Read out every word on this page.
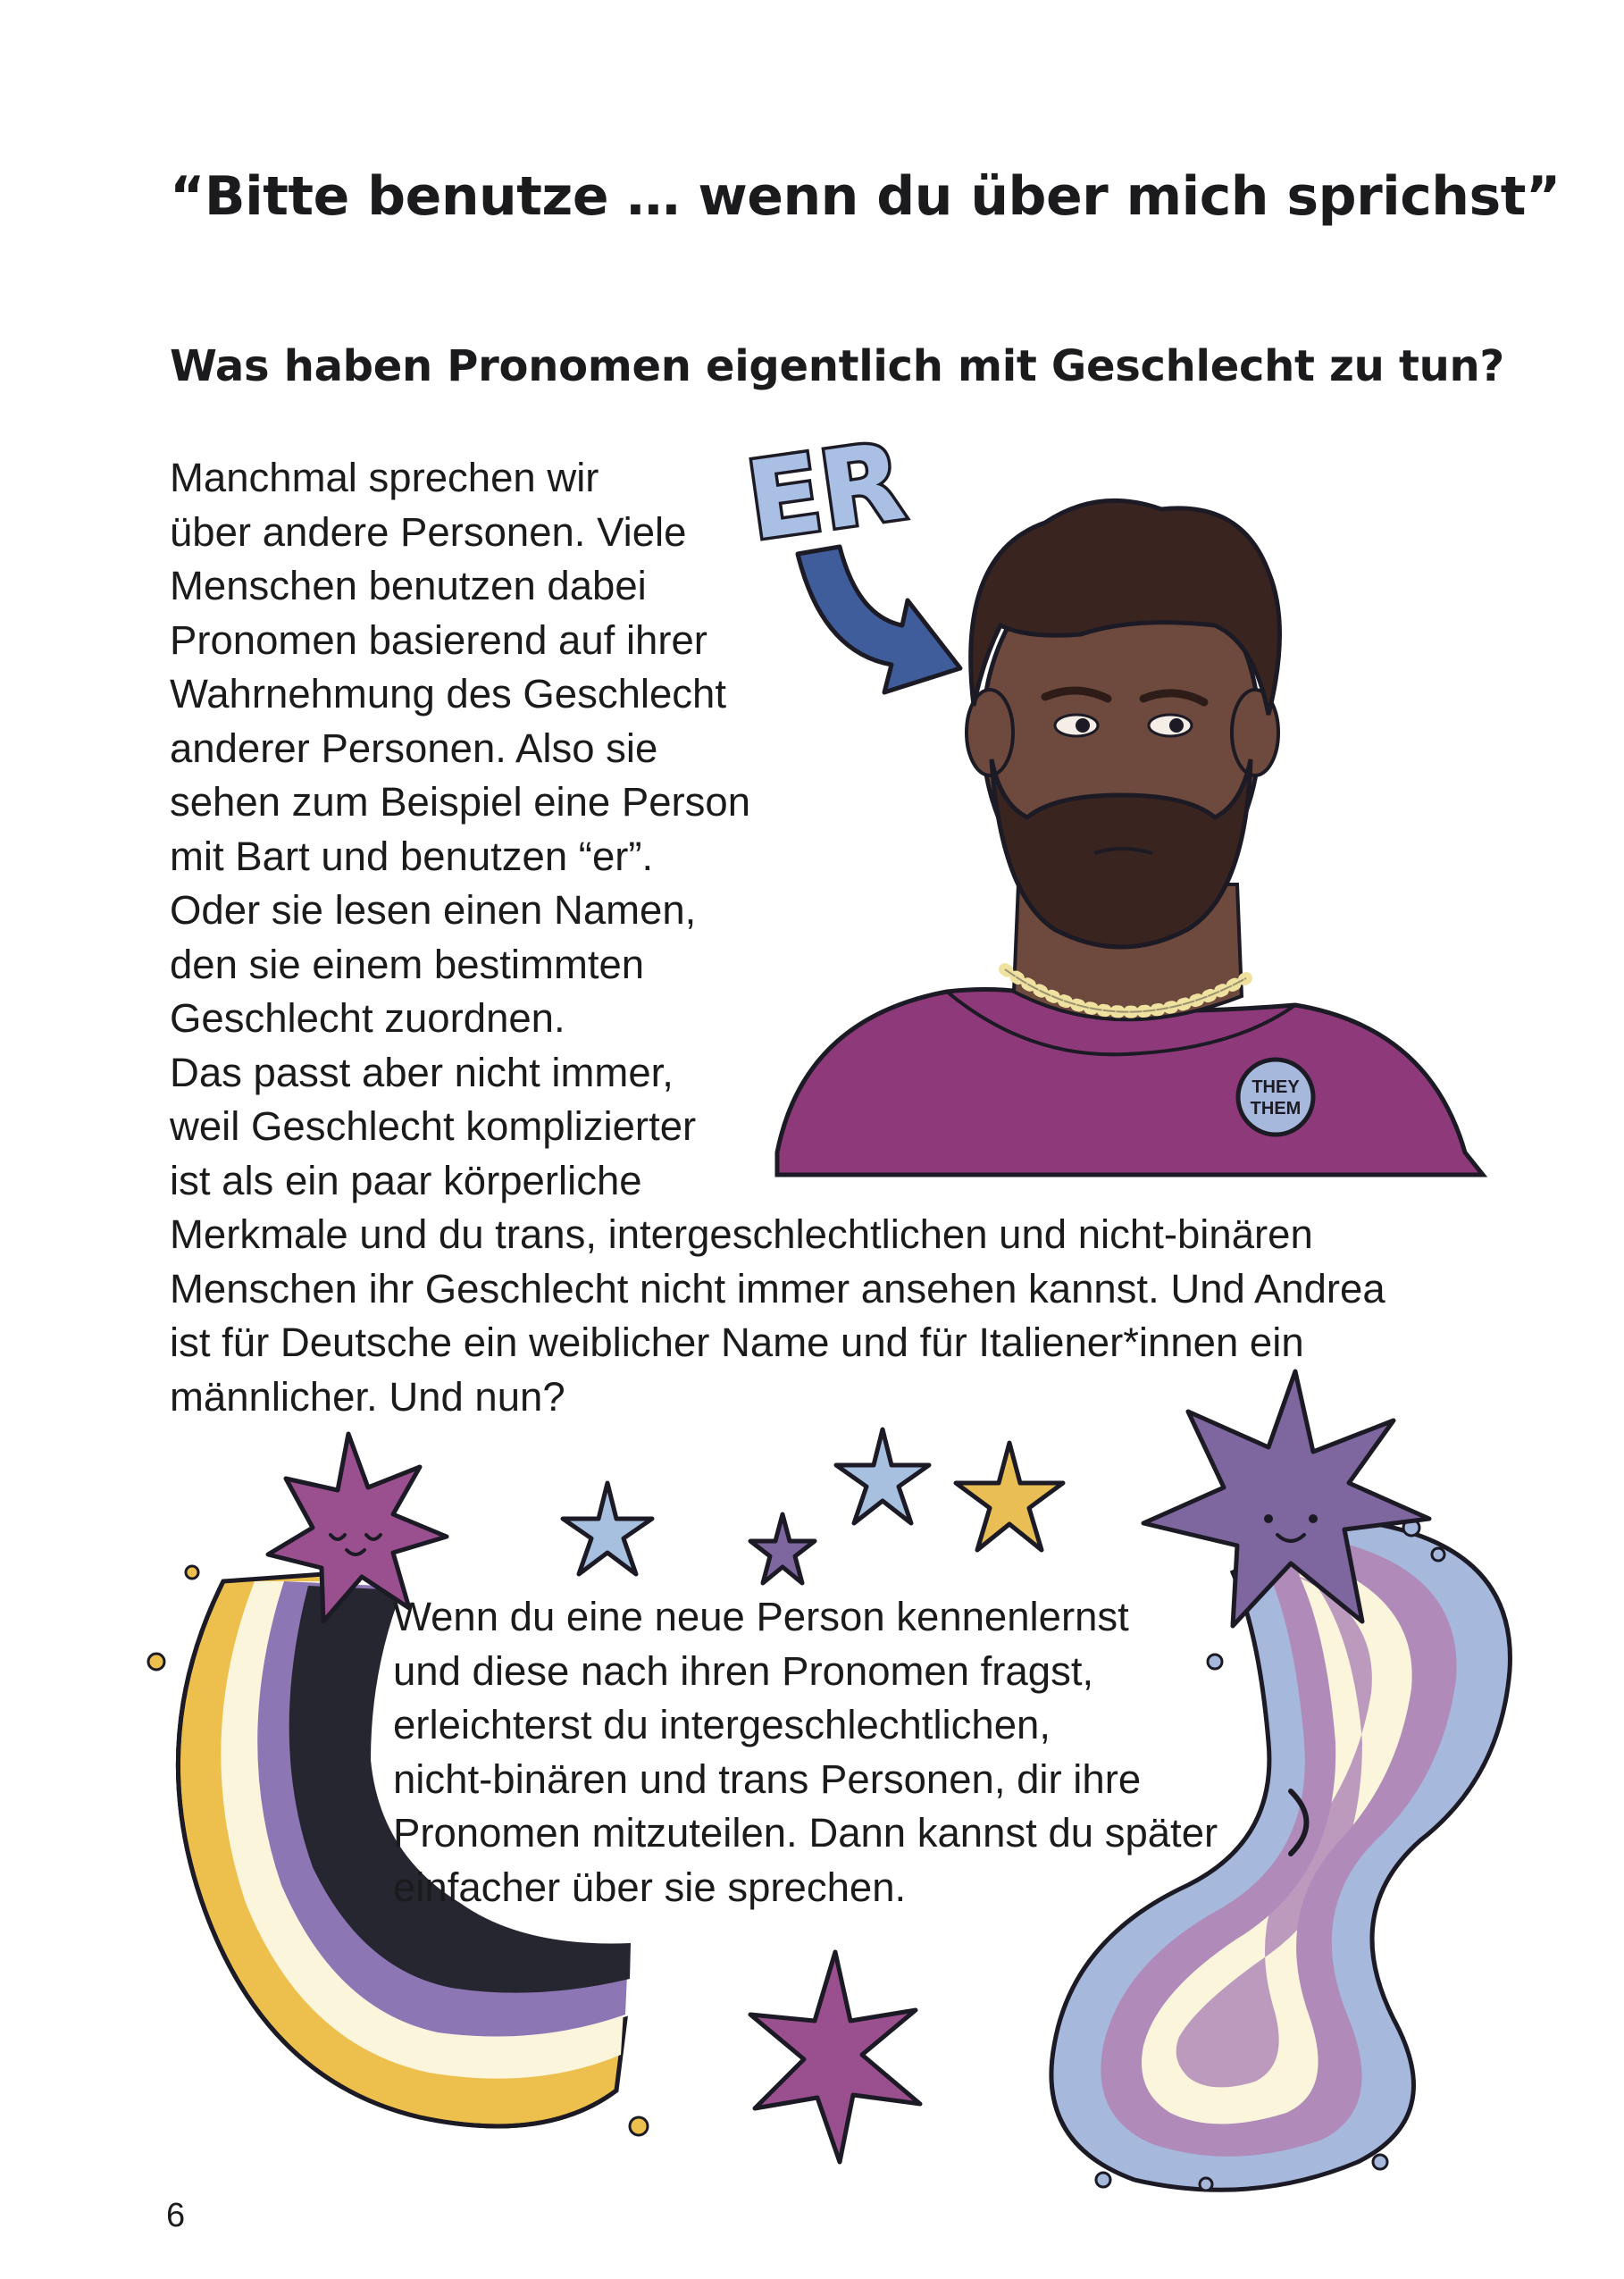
“Bitte benutze … wenn du über mich sprichst”
Was haben Pronomen eigentlich mit Geschlecht zu tun?
ER
THEY
THEM

Manchmal sprechen wir
über andere Personen. Viele
Menschen benutzen dabei
Pronomen basierend auf ihrer
Wahrnehmung des Geschlecht
anderer Personen. Also sie
sehen zum Beispiel eine Person
mit Bart und benutzen “er”.
Oder sie lesen einen Namen,
den sie einem bestimmten
Geschlecht zuordnen.
Das passt aber nicht immer,
weil Geschlecht komplizierter
ist als ein paar körperliche
Merkmale und du trans, intergeschlechtlichen und nicht-binären
Menschen ihr Geschlecht nicht immer ansehen kannst. Und Andrea
ist für Deutsche ein weiblicher Name und für Italiener*innen ein
männlicher. Und nun?

Wenn du eine neue Person kennenlernst
und diese nach ihren Pronomen fragst,
erleichterst du intergeschlechtlichen,
nicht-binären und trans Personen, dir ihre
Pronomen mitzuteilen. Dann kannst du später
einfacher über sie sprechen.

6
